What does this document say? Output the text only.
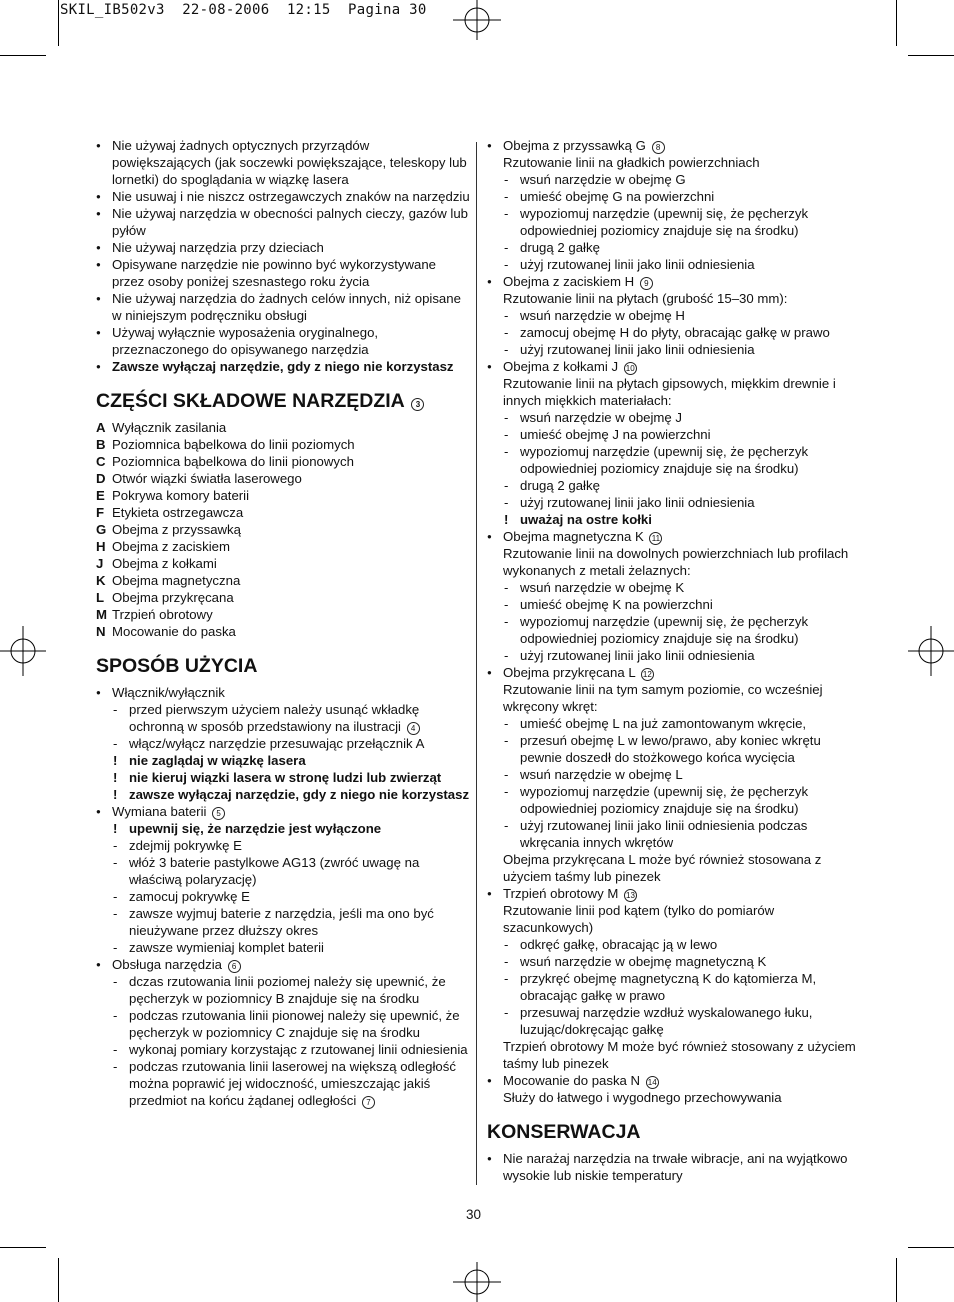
SKIL_IB502v3  22-08-2006  12:15  Pagina 30
● Nie używaj żadnych optycznych przyrządów powiększających (jak soczewki powiększające, teleskopy lub lornetki) do spoglądania w wiązkę lasera
● Nie usuwaj i nie niszcz ostrzegawczych znaków na narzędziu
● Nie używaj narzędzia w obecności palnych cieczy, gazów lub pyłów
● Nie używaj narzędzia przy dzieciach
● Opisywane narzędzie nie powinno być wykorzystywane przez osoby poniżej szesnastego roku życia
● Nie używaj narzędzia do żadnych celów innych, niż opisane w niniejszym podręczniku obsługi
● Używaj wyłącznie wyposażenia oryginalnego, przeznaczonego do opisywanego narzędzia
● Zawsze wyłączaj narzędzie, gdy z niego nie korzystasz
CZĘŚCI SKŁADOWE NARZĘDZIA 3
A Wyłącznik zasilania
B Poziomnica bąbelkowa do linii poziomych
C Poziomnica bąbelkowa do linii pionowych
D Otwór wiązki światła laserowego
E Pokrywa komory baterii
F Etykieta ostrzegawcza
G Obejma z przyssawką
H Obejma z zaciskiem
J Obejma z kołkami
K Obejma magnetyczna
L Obejma przykręcana
M Trzpień obrotowy
N Mocowanie do paska
SPOSÓB UŻYCIA
● Włącznik/wyłącznik
- przed pierwszym użyciem należy usunąć wkładkę ochronną w sposób przedstawiony na ilustracji 4
- włącz/wyłącz narzędzie przesuwając przełącznik A
! nie zaglądaj w wiązkę lasera
! nie kieruj wiązki lasera w stronę ludzi lub zwierząt
! zawsze wyłączaj narzędzie, gdy z niego nie korzystasz
● Wymiana baterii 5
! upewnij się, że narzędzie jest wyłączone
- zdejmij pokrywkę E
- włóż 3 baterie pastylkowe AG13 (zwróć uwagę na właściwą polaryzację)
- zamocuj pokrywkę E
- zawsze wyjmuj baterie z narzędzia, jeśli ma ono być nieużywane przez dłuższy okres
- zawsze wymieniaj komplet baterii
● Obsługa narzędzia 6
- dczas rzutowania linii poziomej należy się upewnić, że pęcherzyk w poziomnicy B znajduje się na środku
- podczas rzutowania linii pionowej należy się upewnić, że pęcherzyk w poziomnicy C znajduje się na środku
- wykonaj pomiary korzystając z rzutowanej linii odniesienia
- podczas rzutowania linii laserowej na większą odległość można poprawić jej widoczność, umieszczając jakiś przedmiot na końcu żądanej odległości 7
● Obejma z przyssawką G 8
Rzutowanie linii na gładkich powierzchniach
- wsuń narzędzie w obejmę G
- umieść obejmę G na powierzchni
- wypoziomuj narzędzie (upewnij się, że pęcherzyk odpowiedniej poziomicy znajduje się na środku)
- drugą 2 gałkę
- użyj rzutowanej linii jako linii odniesienia
● Obejma z zaciskiem H 9
Rzutowanie linii na płytach (grubość 15–30 mm):
- wsuń narzędzie w obejmę H
- zamocuj obejmę H do płyty, obracając gałkę w prawo
- użyj rzutowanej linii jako linii odniesienia
● Obejma z kołkami J 10
Rzutowanie linii na płytach gipsowych, miękkim drewnie i innych miękkich materiałach:
- wsuń narzędzie w obejmę J
- umieść obejmę J na powierzchni
- wypoziomuj narzędzie (upewnij się, że pęcherzyk odpowiedniej poziomicy znajduje się na środku)
- drugą 2 gałkę
- użyj rzutowanej linii jako linii odniesienia
! uważaj na ostre kołki
● Obejma magnetyczna K 11
Rzutowanie linii na dowolnych powierzchniach lub profilach wykonanych z metali żelaznych:
- wsuń narzędzie w obejmę K
- umieść obejmę K na powierzchni
- wypoziomuj narzędzie (upewnij się, że pęcherzyk odpowiedniej poziomicy znajduje się na środku)
- użyj rzutowanej linii jako linii odniesienia
● Obejma przykręcana L 12
Rzutowanie linii na tym samym poziomie, co wcześniej wkręcony wkręt:
- umieść obejmę L na już zamontowanym wkręcie,
- przesuń obejmę L w lewo/prawo, aby koniec wkrętu pewnie doszedł do stożkowego końca wycięcia
- wsuń narzędzie w obejmę L
- wypoziomuj narzędzie (upewnij się, że pęcherzyk odpowiedniej poziomicy znajduje się na środku)
- użyj rzutowanej linii jako linii odniesienia podczas wkręcania innych wkrętów
Obejma przykręcana L może być również stosowana z użyciem taśmy lub pinezek
● Trzpień obrotowy M 13
Rzutowanie linii pod kątem (tylko do pomiarów szacunkowych)
- odkręć gałkę, obracając ją w lewo
- wsuń narzędzie w obejmę magnetyczną K
- przykręć obejmę magnetyczną K do kątomierza M, obracając gałkę w prawo
- przesuwaj narzędzie wzdłuż wyskalowanego łuku, luzując/dokręcając gałkę
Trzpień obrotowy M może być również stosowany z użyciem taśmy lub pinezek
● Mocowanie do paska N 14
Służy do łatwego i wygodnego przechowywania
KONSERWACJA
● Nie narażaj narzędzia na trwałe wibracje, ani na wyjątkowo wysokie lub niskie temperatury
30
